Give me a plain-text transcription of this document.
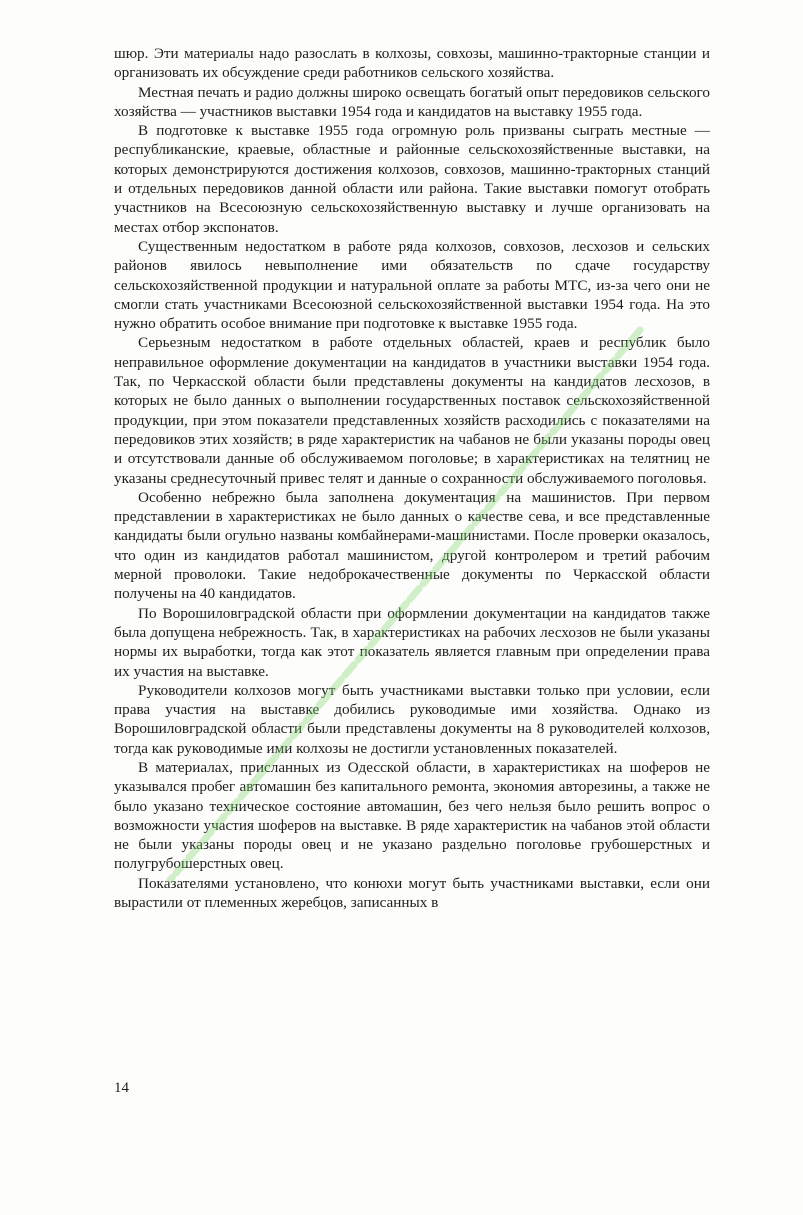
шюр. Эти материалы надо разослать в колхозы, совхозы, машинно-тракторные станции и организовать их обсуждение среди работников сельского хозяйства.

Местная печать и радио должны широко освещать богатый опыт передовиков сельского хозяйства — участников выставки 1954 года и кандидатов на выставку 1955 года.

В подготовке к выставке 1955 года огромную роль призваны сыграть местные — республиканские, краевые, областные и районные сельскохозяйственные выставки, на которых демонстрируются достижения колхозов, совхозов, машинно-тракторных станций и отдельных передовиков данной области или района. Такие выставки помогут отобрать участников на Всесоюзную сельскохозяйственную выставку и лучше организовать на местах отбор экспонатов.

Существенным недостатком в работе ряда колхозов, совхозов, лесхозов и сельских районов явилось невыполнение ими обязательств по сдаче государству сельскохозяйственной продукции и натуральной оплате за работы МТС, из-за чего они не смогли стать участниками Всесоюзной сельскохозяйственной выставки 1954 года. На это нужно обратить особое внимание при подготовке к выставке 1955 года.

Серьезным недостатком в работе отдельных областей, краев и республик было неправильное оформление документации на кандидатов в участники выставки 1954 года. Так, по Черкасской области были представлены документы на кандидатов лесхозов, в которых не было данных о выполнении государственных поставок сельскохозяйственной продукции, при этом показатели представленных хозяйств расходились с показателями на передовиков этих хозяйств; в ряде характеристик на чабанов не были указаны породы овец и отсутствовали данные об обслуживаемом поголовье; в характеристиках на телятниц не указаны среднесуточный привес телят и данные о сохранности обслуживаемого поголовья.

Особенно небрежно была заполнена документация на машинистов. При первом представлении в характеристиках не было данных о качестве сева, и все представленные кандидаты были огульно названы комбайнерами-машинистами. После проверки оказалось, что один из кандидатов работал машинистом, другой контролером и третий рабочим мерной проволоки. Такие недоброкачественные документы по Черкасской области получены на 40 кандидатов.

По Ворошиловградской области при оформлении документации на кандидатов также была допущена небрежность. Так, в характеристиках на рабочих лесхозов не были указаны нормы их выработки, тогда как этот показатель является главным при определении права их участия на выставке.

Руководители колхозов могут быть участниками выставки только при условии, если права участия на выставке добились руководимые ими хозяйства. Однако из Ворошиловградской области были представлены документы на 8 руководителей колхозов, тогда как руководимые ими колхозы не достигли установленных показателей.

В материалах, присланных из Одесской области, в характеристиках на шоферов не указывался пробег автомашин без капитального ремонта, экономия авторезины, а также не было указано техническое состояние автомашин, без чего нельзя было решить вопрос о возможности участия шоферов на выставке. В ряде характеристик на чабанов этой области не были указаны породы овец и не указано раздельно поголовье грубошерстных и полугрубошерстных овец.

Показателями установлено, что конюхи могут быть участниками выставки, если они вырастили от племенных жеребцов, записанных в

14
